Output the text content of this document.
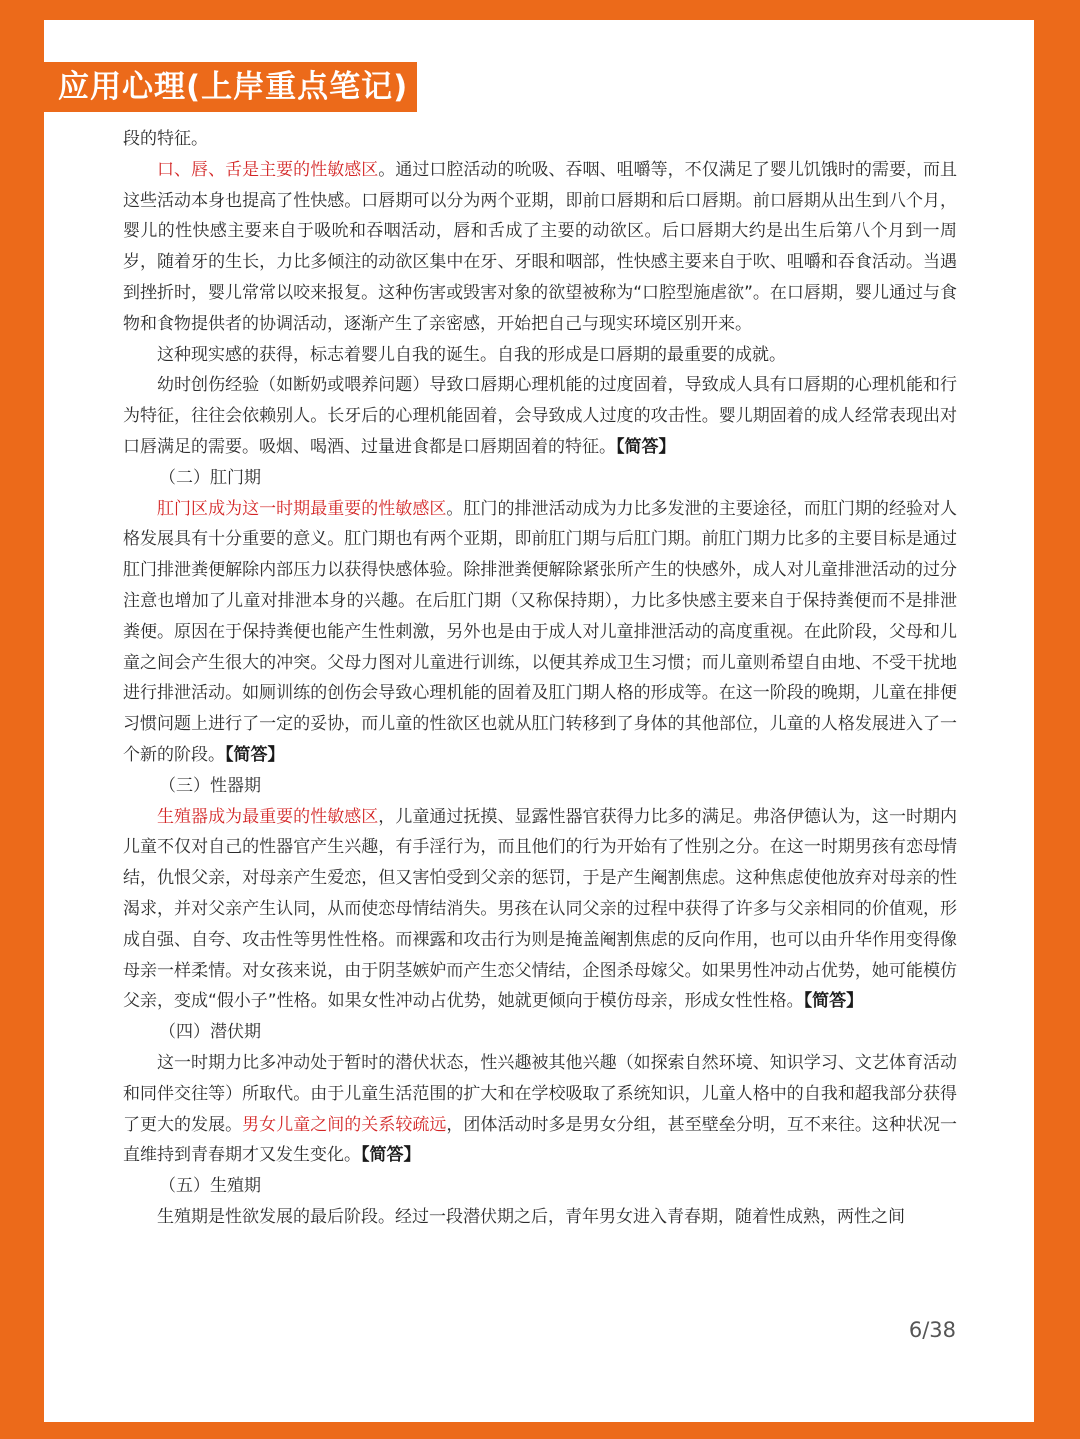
应用心理(上岸重点笔记)

段的特征。

口、唇、舌是主要的性敏感区。通过口腔活动的吮吸、吞咽、咀嚼等，不仅满足了婴儿饥饿时的需要，而且这些活动本身也提高了性快感。口唇期可以分为两个亚期，即前口唇期和后口唇期。前口唇期从出生到八个月，婴儿的性快感主要来自于吸吮和吞咽活动，唇和舌成了主要的动欲区。后口唇期大约是出生后第八个月到一周岁，随着牙的生长，力比多倾注的动欲区集中在牙、牙眼和咽部，性快感主要来自于吹、咀嚼和吞食活动。当遇到挫折时，婴儿常常以咬来报复。这种伤害或毁害对象的欲望被称为“口腔型施虐欲”。在口唇期，婴儿通过与食物和食物提供者的协调活动，逐渐产生了亲密感，开始把自己与现实环境区别开来。

这种现实感的获得，标志着婴儿自我的诞生。自我的形成是口唇期的最重要的成就。

幼时创伤经验（如断奶或喂养问题）导致口唇期心理机能的过度固着，导致成人具有口唇期的心理机能和行为特征，往往会依赖别人。长牙后的心理机能固着，会导致成人过度的攻击性。婴儿期固着的成人经常表现出对口唇满足的需要。吸烟、喝酒、过量进食都是口唇期固着的特征。【简答】

（二）肛门期

肛门区成为这一时期最重要的性敏感区。肛门的排泄活动成为力比多发泄的主要途径，而肛门期的经验对人格发展具有十分重要的意义。肛门期也有两个亚期，即前肛门期与后肛门期。前肛门期力比多的主要目标是通过肛门排泄粪便解除内部压力以获得快感体验。除排泄粪便解除紧张所产生的快感外，成人对儿童排泄活动的过分注意也增加了儿童对排泄本身的兴趣。在后肛门期（又称保持期），力比多快感主要来自于保持粪便而不是排泄粪便。原因在于保持粪便也能产生性刺激，另外也是由于成人对儿童排泄活动的高度重视。在此阶段，父母和儿童之间会产生很大的冲突。父母力图对儿童进行训练，以便其养成卫生习惯；而儿童则希望自由地、不受干扰地进行排泄活动。如厕训练的创伤会导致心理机能的固着及肛门期人格的形成等。在这一阶段的晚期，儿童在排便习惯问题上进行了一定的妥协，而儿童的性欲区也就从肛门转移到了身体的其他部位，儿童的人格发展进入了一个新的阶段。【简答】

（三）性器期

生殖器成为最重要的性敏感区，儿童通过抚摸、显露性器官获得力比多的满足。弗洛伊德认为，这一时期内儿童不仅对自己的性器官产生兴趣，有手淫行为，而且他们的行为开始有了性别之分。在这一时期男孩有恋母情结，仇恨父亲，对母亲产生爱恋，但又害怕受到父亲的惩罚，于是产生阉割焦虑。这种焦虑使他放弃对母亲的性渴求，并对父亲产生认同，从而使恋母情结消失。男孩在认同父亲的过程中获得了许多与父亲相同的价值观，形成自强、自夸、攻击性等男性性格。而裸露和攻击行为则是掩盖阉割焦虑的反向作用，也可以由升华作用变得像母亲一样柔情。对女孩来说，由于阴茎嫉妒而产生恋父情结，企图杀母嫁父。如果男性冲动占优势，她可能模仿父亲，变成“假小子”性格。如果女性冲动占优势，她就更倾向于模仿母亲，形成女性性格。【简答】

（四）潜伏期

这一时期力比多冲动处于暂时的潜伏状态，性兴趣被其他兴趣（如探索自然环境、知识学习、文艺体育活动和同伴交往等）所取代。由于儿童生活范围的扩大和在学校吸取了系统知识，儿童人格中的自我和超我部分获得了更大的发展。男女儿童之间的关系较疏远，团体活动时多是男女分组，甚至壁垒分明，互不来往。这种状况一直维持到青春期才又发生变化。【简答】

（五）生殖期

生殖期是性欲发展的最后阶段。经过一段潜伏期之后，青年男女进入青春期，随着性成熟，两性之间

6/38
